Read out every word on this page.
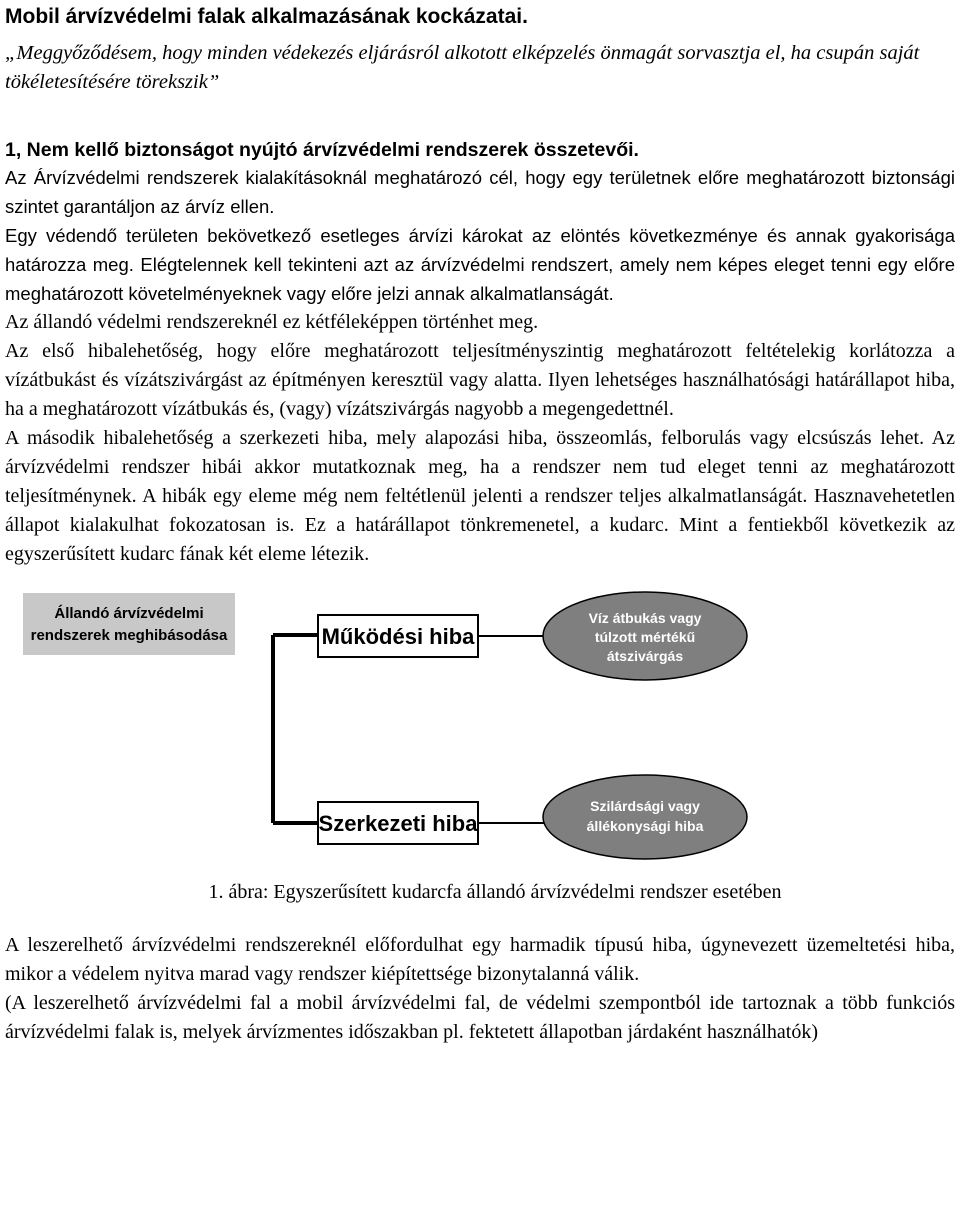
Mobil árvízvédelmi falak alkalmazásának kockázatai.

„Meggyőződésem, hogy minden védekezés eljárásról alkotott elképzelés önmagát sorvasztja el, ha csupán saját tökéletesítésére törekszik”

1, Nem kellő biztonságot nyújtó árvízvédelmi rendszerek összetevői.

Az Árvízvédelmi rendszerek kialakításoknál meghatározó cél, hogy egy területnek előre meghatározott biztonsági szintet garantáljon az árvíz ellen.

Egy védendő területen bekövetkező esetleges árvízi károkat az elöntés következménye és annak gyakorisága határozza meg. Elégtelennek kell tekinteni azt az árvízvédelmi rendszert, amely nem képes eleget tenni egy előre meghatározott követelményeknek vagy előre jelzi annak alkalmatlanságát.

Az állandó védelmi rendszereknél ez kétféleképpen történhet meg.

Az első hibalehetőség, hogy előre meghatározott teljesítményszintig meghatározott feltételekig korlátozza a vízátbukást és vízátszivárgást az építményen keresztül vagy alatta. Ilyen lehetséges használhatósági határállapot hiba, ha a meghatározott vízátbukás és, (vagy) vízátszivárgás nagyobb a megengedettnél.

A második hibalehetőség a szerkezeti hiba, mely alapozási hiba, összeomlás, felborulás vagy elcsúszás lehet. Az árvízvédelmi rendszer hibái akkor mutatkoznak meg, ha a rendszer nem tud eleget tenni az meghatározott teljesítménynek. A hibák egy eleme még nem feltétlenül jelenti a rendszer teljes alkalmatlanságát. Hasznavehetetlen állapot kialakulhat fokozatosan is. Ez a határállapot tönkremenetel, a kudarc. Mint a fentiekből következik az egyszerűsített kudarc fának két eleme létezik.

Állandó árvízvédelmi
rendszerek meghibásodása	Működési hiba
Víz átbukás vagy
túlzott mértékű
átszivárgás
Szerkezeti hiba
Szilárdsági vagy
állékonysági hiba

1. ábra: Egyszerűsített kudarcfa állandó árvízvédelmi rendszer esetében

A leszerelhető árvízvédelmi rendszereknél előfordulhat egy harmadik típusú hiba, úgynevezett üzemeltetési hiba, mikor a védelem nyitva marad vagy rendszer kiépítettsége bizonytalanná válik.

(A leszerelhető árvízvédelmi fal a mobil árvízvédelmi fal, de védelmi szempontból ide tartoznak a több funkciós árvízvédelmi falak is, melyek árvízmentes időszakban pl. fektetett állapotban járdaként használhatók)
